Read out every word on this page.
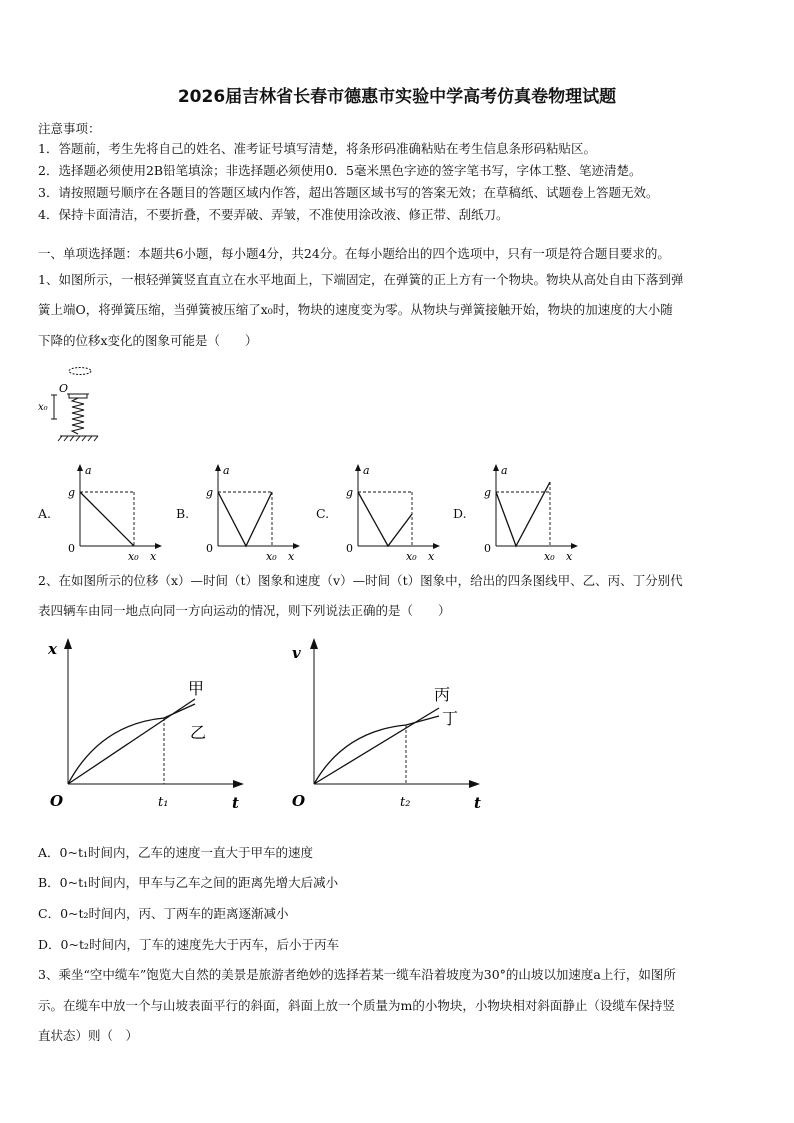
2026届吉林省长春市德惠市实验中学高考仿真卷物理试题
注意事项：
1．答题前，考生先将自己的姓名、准考证号填写清楚，将条形码准确粘贴在考生信息条形码粘贴区。
2．选择题必须使用2B铅笔填涂；非选择题必须使用0．5毫米黑色字迹的签字笔书写，字体工整、笔迹清楚。
3．请按照题号顺序在各题目的答题区域内作答，超出答题区域书写的答案无效；在草稿纸、试题卷上答题无效。
4．保持卡面清洁，不要折叠，不要弄破、弄皱，不准使用涂改液、修正带、刮纸刀。
一、单项选择题：本题共6小题，每小题4分，共24分。在每小题给出的四个选项中，只有一项是符合题目要求的。
1、如图所示，一根轻弹簧竖直直立在水平地面上，下端固定，在弹簧的正上方有一个物块。物块从高处自由下落到弹
簧上端O，将弹簧压缩，当弹簧被压缩了x₀时，物块的速度变为零。从物块与弹簧接触开始，物块的加速度的大小随
下降的位移x变化的图象可能是（　　）
O
x₀
A.	B.	C.	D.
a
g
0
x₀ x
a
g
0
x₀ x
a
g
0
x₀ x
a
g
0
x₀ x
2、在如图所示的位移（x）—时间（t）图象和速度（v）—时间（t）图象中，给出的四条图线甲、乙、丙、丁分别代
表四辆车由同一地点向同一方向运动的情况，则下列说法正确的是（　　）
x
t
O	t₁
甲
乙
v
t
O	t₂
丙
丁
A．0~t₁时间内，乙车的速度一直大于甲车的速度
B．0~t₁时间内，甲车与乙车之间的距离先增大后减小
C．0~t₂时间内，丙、丁两车的距离逐渐减小
D．0~t₂时间内，丁车的速度先大于丙车，后小于丙车
3、乘坐“空中缆车”饱览大自然的美景是旅游者绝妙的选择若某一缆车沿着坡度为30°的山坡以加速度a上行，如图所
示。在缆车中放一个与山坡表面平行的斜面，斜面上放一个质量为m的小物块，小物块相对斜面静止（设缆车保持竖
直状态）则（　）
